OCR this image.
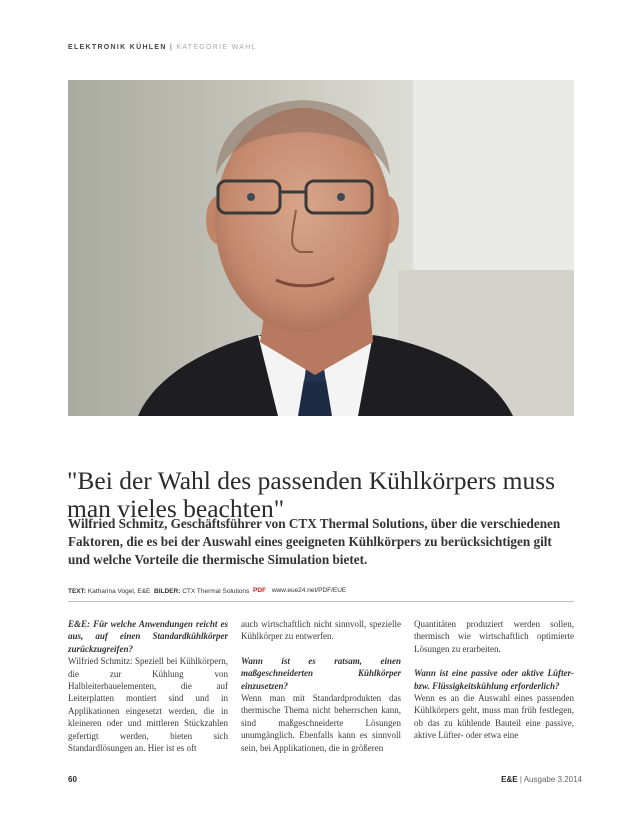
ELEKTRONIK KÜHLEN | KATEGORIE WAHL
"Bei der Wahl des passenden Kühlkörpers muss man vieles beachten"
Wilfried Schmitz, Geschäftsführer von CTX Thermal Solutions, über die verschiedenen Faktoren, die es bei der Auswahl eines geeigneten Kühlkörpers zu berücksichtigen gilt und welche Vorteile die thermische Simulation bietet.
TEXT: Katharina Vogel, E&E BILDER: CTX Thermal Solutions PDF www.eue24.net/PDF/EUE

E&E: Für welche Anwendungen reicht es aus, auf einen Standardkühlkörper zurückzugreifen?

Wilfried Schmitz: Speziell bei Kühlkörpern, die zur Kühlung von Halbleiterbauelementen, die auf Leiterplatten montiert sind und in Applikationen eingesetzt werden, die in kleineren oder und mittleren Stückzahlen gefertigt werden, bieten sich Standardlösungen an. Hier ist es oft

auch wirtschaftlich nicht sinnvoll, spezielle Kühlkörper zu entwerfen.

Wann ist es ratsam, einen maßgeschneiderten Kühlkörper einzusetzen?

Wenn man mit Standardprodukten das thermische Thema nicht beherrschen kann, sind maßgeschneiderte Lösungen unumgänglich. Ebenfalls kann es sinnvoll sein, bei Applikationen, die in größeren

Quantitäten produziert werden sollen, thermisch wie wirtschaftlich optimierte Lösungen zu erarbeiten.

Wann ist eine passive oder aktive Lüfter- bzw. Flüssigkeitskühlung erforderlich?

Wenn es an die Auswahl eines passenden Kühlkörpers geht, muss man früh festlegen, ob das zu kühlende Bauteil eine passive, aktive Lüfter- oder etwa eine

60	E&E | Ausgabe 3.2014
